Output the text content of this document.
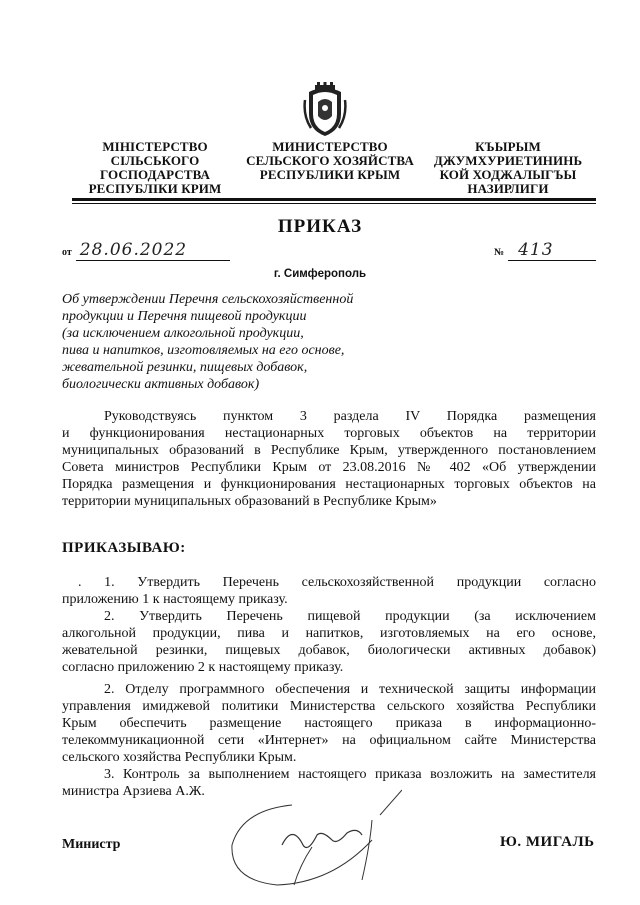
МІНІСТЕРСТВО
СІЛЬСЬКОГО
ГОСПОДАРСТВА
РЕСПУБЛІКИ КРИМ
МИНИСТЕРСТВО
СЕЛЬСКОГО ХОЗЯЙСТВА
РЕСПУБЛИКИ КРЫМ
КЪЫРЫМ
ДЖУМХУРИЕТИНИНЬ
КОЙ ХОДЖАЛЫГЪЫ
НАЗИРЛИГИ
ПРИКАЗ
от 28.06.2022	№ 413
г. Симферополь
Об утверждении Перечня сельскохозяйственной
продукции и Перечня пищевой продукции
(за исключением алкогольной продукции,
пива и напитков, изготовляемых на его основе,
жевательной резинки, пищевых добавок,
биологически активных добавок)
Руководствуясь пунктом 3 раздела IV Порядка размещения
и функционирования нестационарных торговых объектов на территории
муниципальных образований в Республике Крым, утвержденного постановлением
Совета министров Республики Крым от 23.08.2016 № 402 «Об утверждении
Порядка размещения и функционирования нестационарных торговых объектов на
территории муниципальных образований в Республике Крым»
ПРИКАЗЫВАЮ:
. 1. Утвердить Перечень сельскохозяйственной продукции согласно
приложению 1 к настоящему приказу.
2. Утвердить Перечень пищевой продукции (за исключением
алкогольной продукции, пива и напитков, изготовляемых на его основе,
жевательной резинки, пищевых добавок, биологически активных добавок)
согласно приложению 2 к настоящему приказу.
2. Отделу программного обеспечения и технической защиты информации
управления имиджевой политики Министерства сельского хозяйства Республики
Крым обеспечить размещение настоящего приказа в информационно-
телекоммуникационной сети «Интернет» на официальном сайте Министерства
сельского хозяйства Республики Крым.
3. Контроль за выполнением настоящего приказа возложить на заместителя
министра Арзиева А.Ж.
Министр	Ю. МИГАЛЬ
